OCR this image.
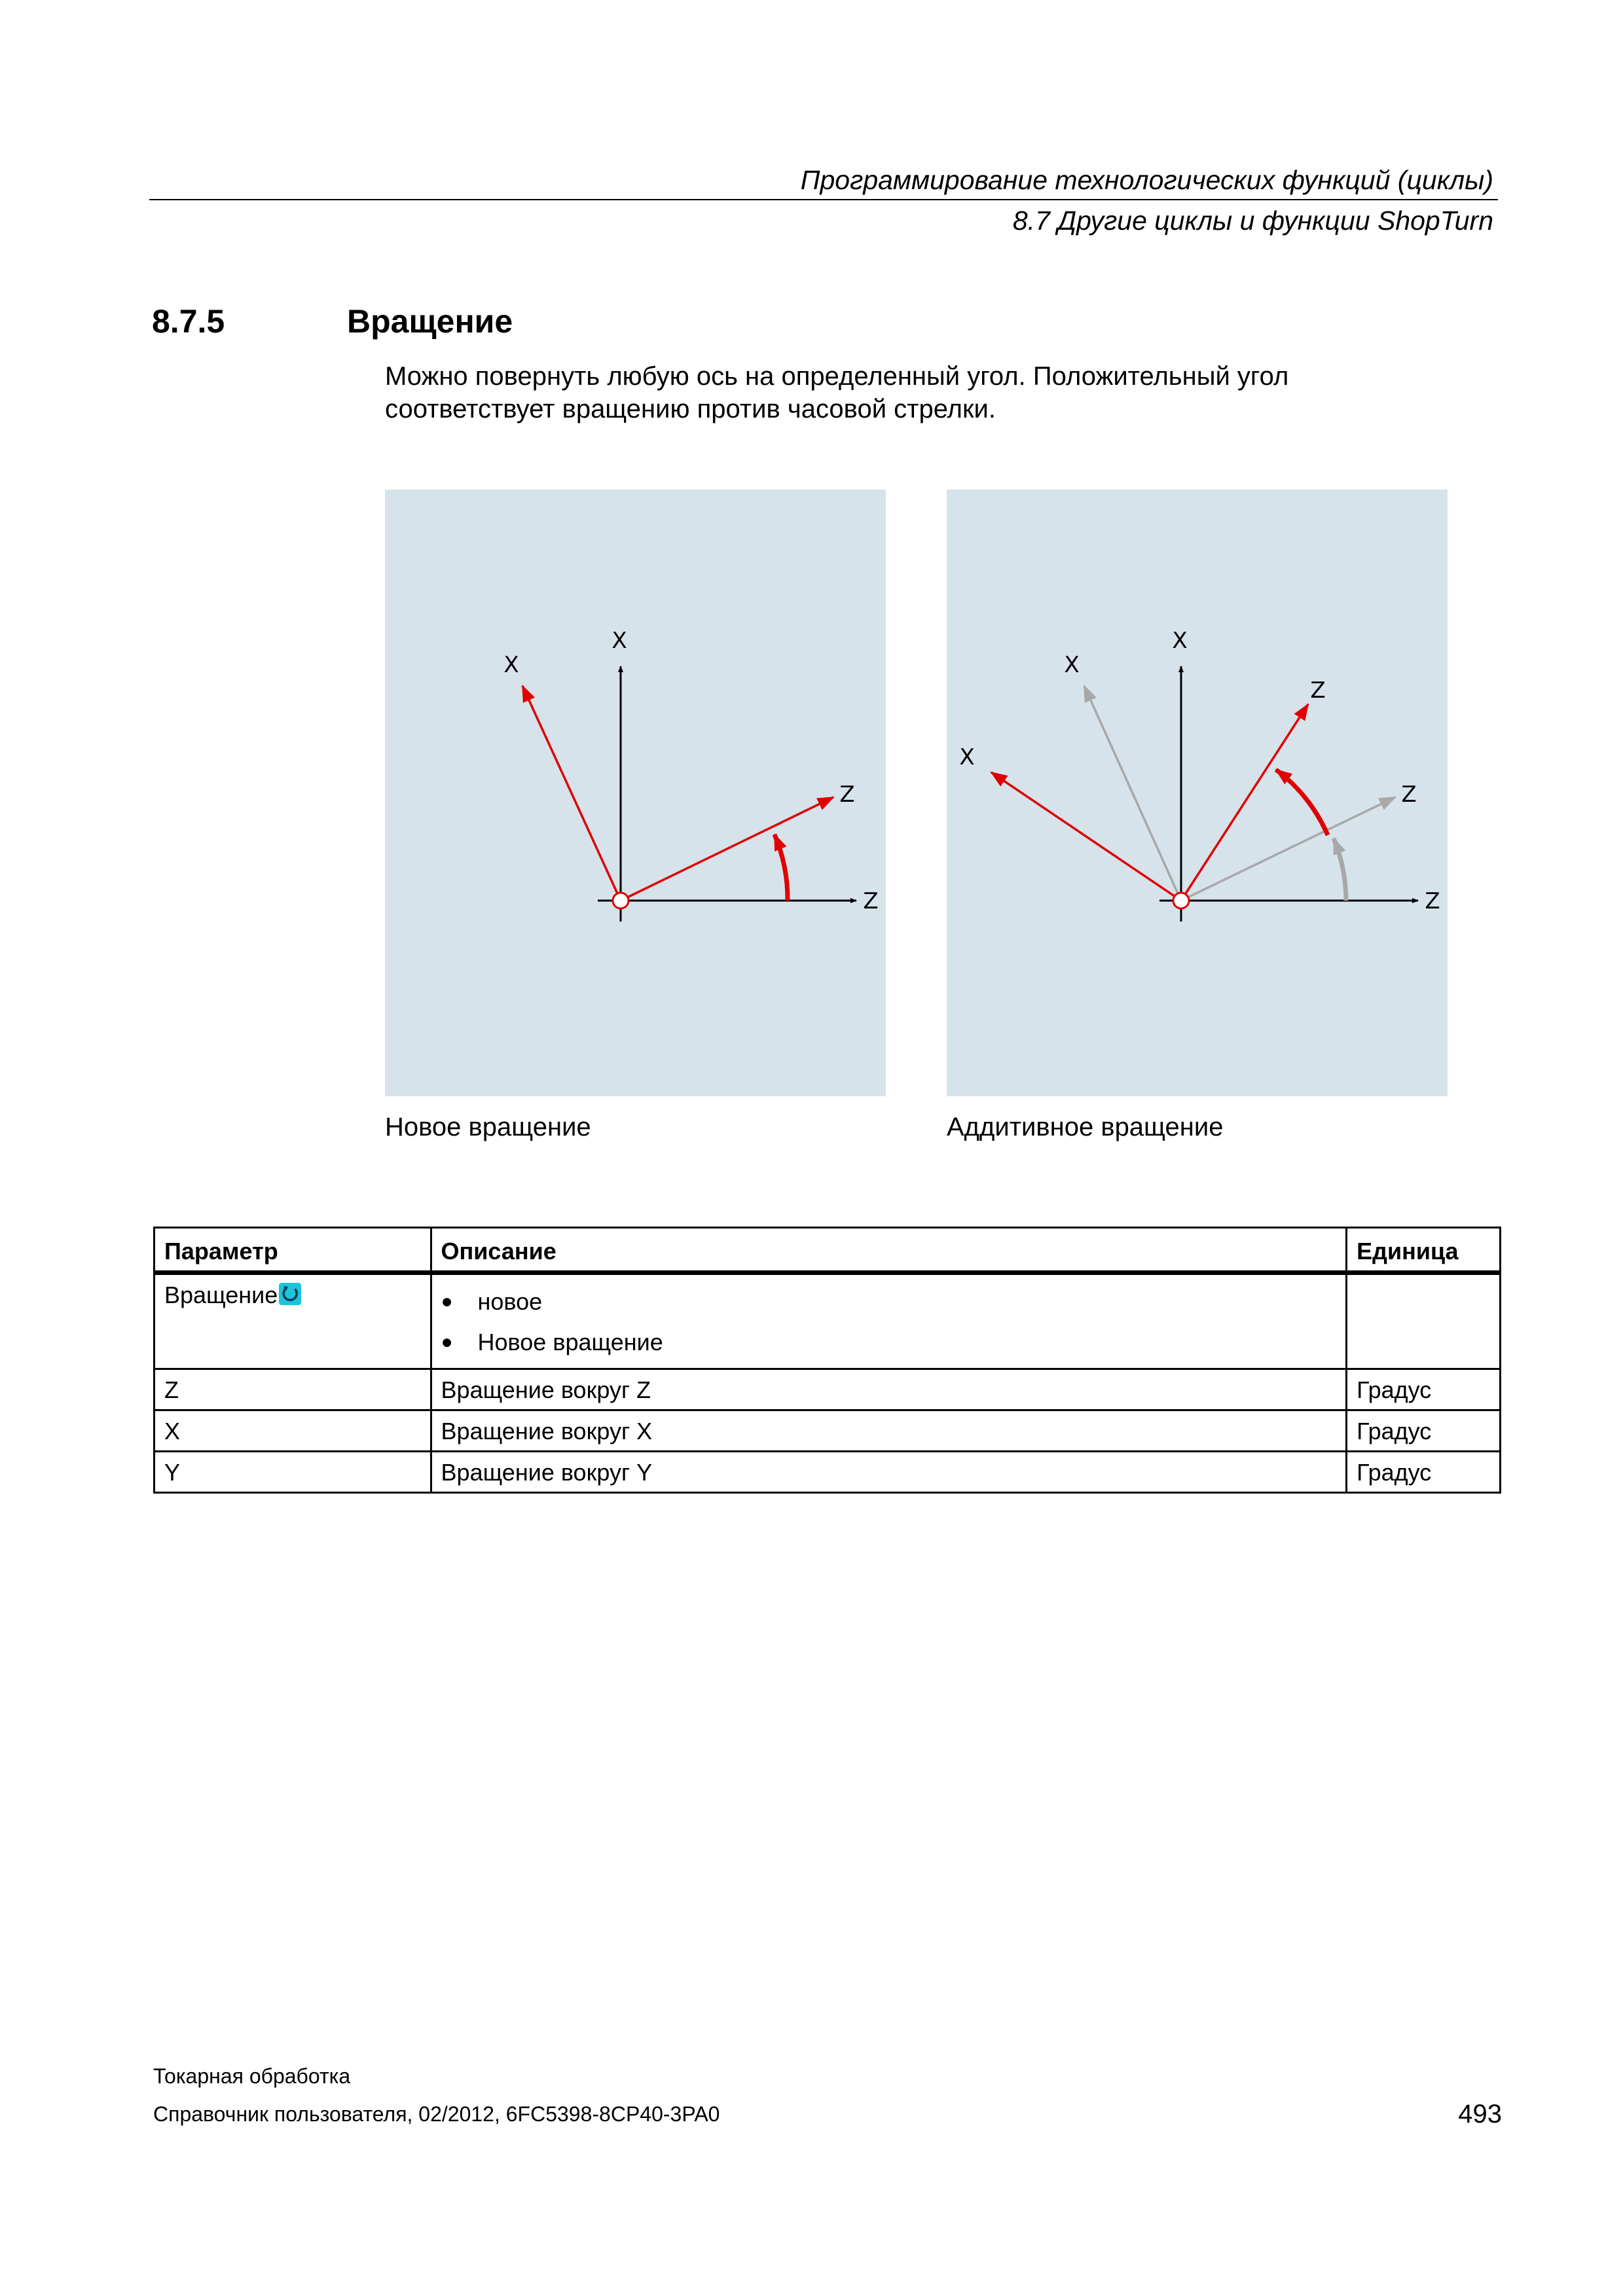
Программирование технологических функций (циклы)
8.7 Другие циклы и функции ShopTurn
8.7.5	Вращение
Можно повернуть любую ось на определенный угол. Положительный угол соответствует вращению против часовой стрелки.
X
Z
X
Z
X
Z
X
Z
X
Z
Новое вращение	Аддитивное вращение
Параметр	Описание	Единица
Вращение	● новое
● Новое вращение	

Z	Вращение вокруг Z	Градус
X	Вращение вокруг X	Градус
Y	Вращение вокруг Y	Градус
Токарная обработка
Справочник пользователя, 02/2012, 6FC5398-8CP40-3PA0	493
